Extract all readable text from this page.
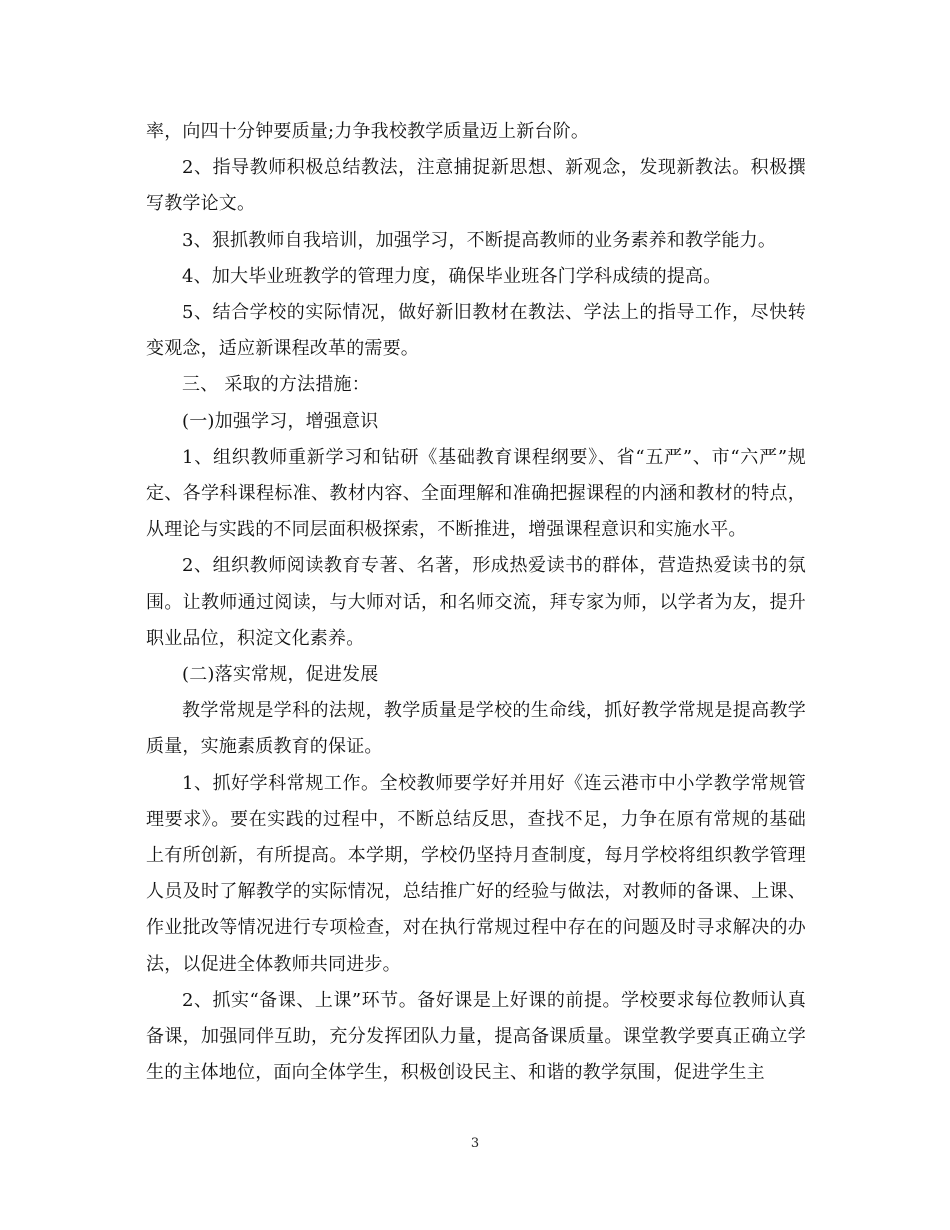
率，向四十分钟要质量;力争我校教学质量迈上新台阶。

2、指导教师积极总结教法，注意捕捉新思想、新观念，发现新教法。积极撰写教学论文。

3、狠抓教师自我培训，加强学习，不断提高教师的业务素养和教学能力。

4、加大毕业班教学的管理力度，确保毕业班各门学科成绩的提高。

5、结合学校的实际情况，做好新旧教材在教法、学法上的指导工作，尽快转变观念，适应新课程改革的需要。

三、 采取的方法措施：

(一)加强学习，增强意识

1、组织教师重新学习和钻研《基础教育课程纲要》、省“五严”、市“六严”规定、各学科课程标准、教材内容、全面理解和准确把握课程的内涵和教材的特点，从理论与实践的不同层面积极探索，不断推进，增强课程意识和实施水平。

2、组织教师阅读教育专著、名著，形成热爱读书的群体，营造热爱读书的氛围。让教师通过阅读，与大师对话，和名师交流，拜专家为师，以学者为友，提升职业品位，积淀文化素养。

(二)落实常规，促进发展

教学常规是学科的法规，教学质量是学校的生命线，抓好教学常规是提高教学质量，实施素质教育的保证。

1、抓好学科常规工作。全校教师要学好并用好《连云港市中小学教学常规管理要求》。要在实践的过程中，不断总结反思，查找不足，力争在原有常规的基础上有所创新，有所提高。本学期，学校仍坚持月查制度，每月学校将组织教学管理人员及时了解教学的实际情况，总结推广好的经验与做法，对教师的备课、上课、作业批改等情况进行专项检查，对在执行常规过程中存在的问题及时寻求解决的办法，以促进全体教师共同进步。

2、抓实“备课、上课”环节。备好课是上好课的前提。学校要求每位教师认真备课，加强同伴互助，充分发挥团队力量，提高备课质量。课堂教学要真正确立学生的主体地位，面向全体学生，积极创设民主、和谐的教学氛围，促进学生主

3
